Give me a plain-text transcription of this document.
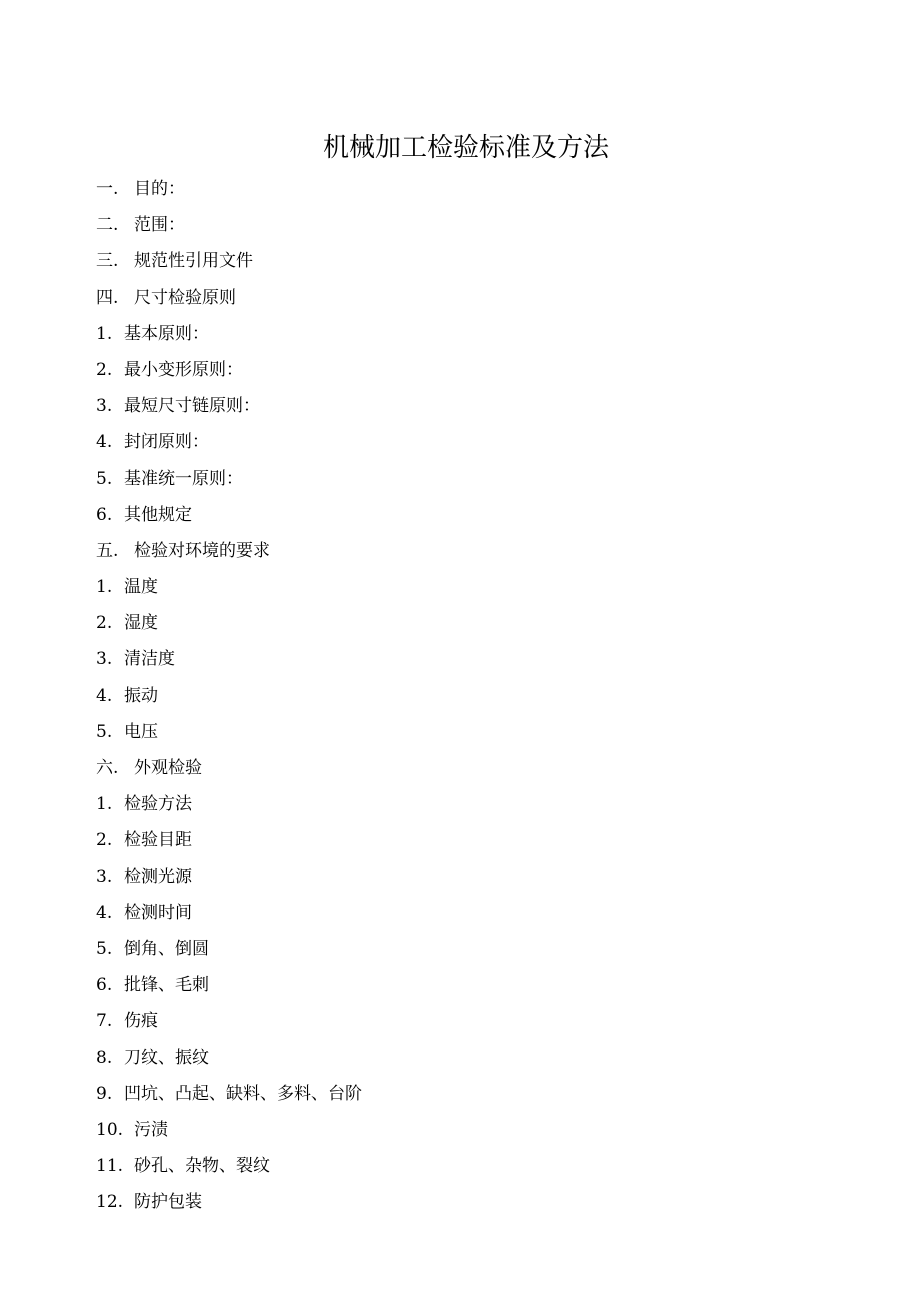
机械加工检验标准及方法
一. 目的：
二. 范围：
三. 规范性引用文件
四. 尺寸检验原则
1. 基本原则：
2. 最小变形原则：
3. 最短尺寸链原则：
4. 封闭原则：
5. 基准统一原则：
6. 其他规定
五. 检验对环境的要求
1. 温度
2. 湿度
3. 清洁度
4. 振动
5. 电压
六. 外观检验
1. 检验方法
2. 检验目距
3. 检测光源
4. 检测时间
5. 倒角、倒圆
6. 批锋、毛刺
7. 伤痕
8. 刀纹、振纹
9. 凹坑、凸起、缺料、多料、台阶
10. 污渍
11. 砂孔、杂物、裂纹
12. 防护包装
